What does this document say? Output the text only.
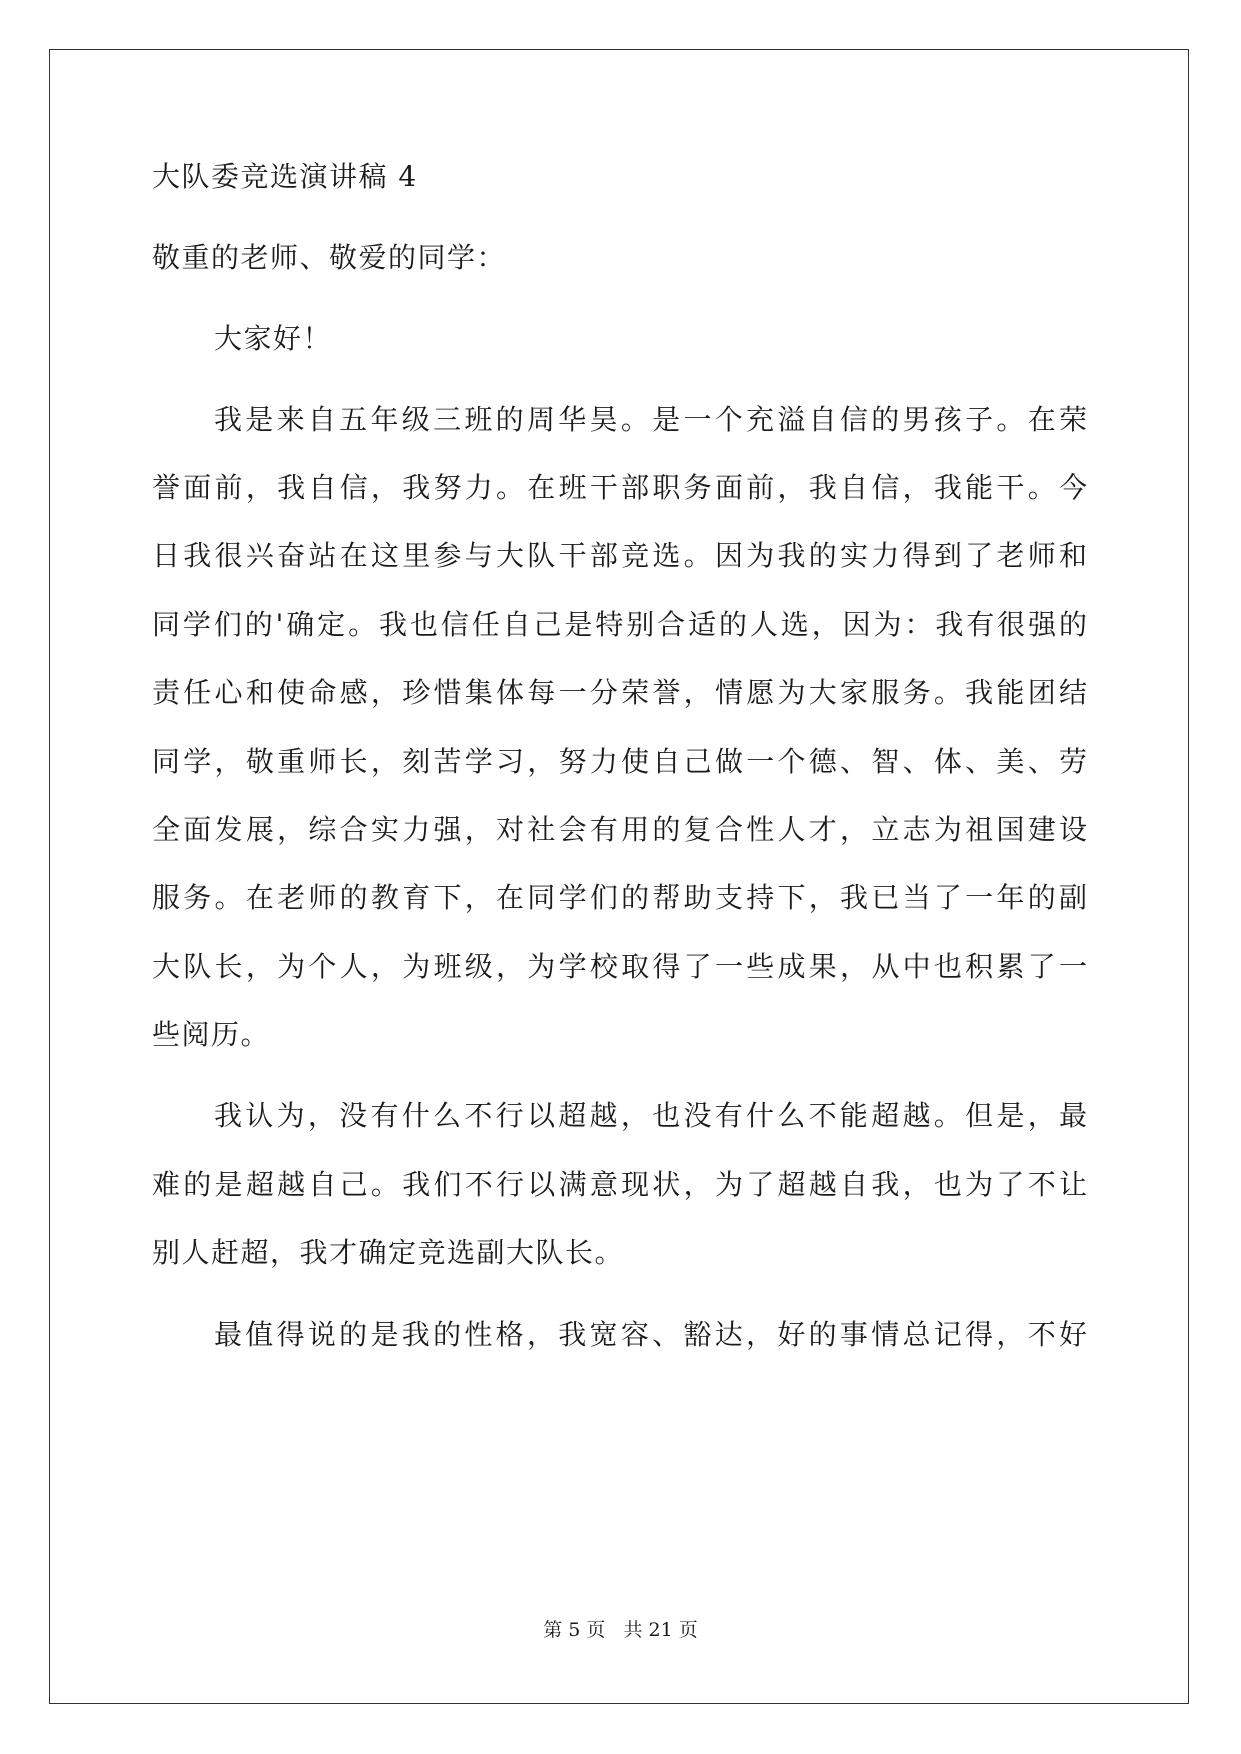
大队委竞选演讲稿 4
敬重的老师、敬爱的同学：
大家好！
我是来自五年级三班的周华昊。是一个充溢自信的男孩子。在荣
誉面前，我自信，我努力。在班干部职务面前，我自信，我能干。今
日我很兴奋站在这里参与大队干部竞选。因为我的实力得到了老师和
同学们的'确定。我也信任自己是特别合适的人选，因为：我有很强的
责任心和使命感，珍惜集体每一分荣誉，情愿为大家服务。我能团结
同学，敬重师长，刻苦学习，努力使自己做一个德、智、体、美、劳
全面发展，综合实力强，对社会有用的复合性人才，立志为祖国建设
服务。在老师的教育下，在同学们的帮助支持下，我已当了一年的副
大队长，为个人，为班级，为学校取得了一些成果，从中也积累了一
些阅历。
我认为，没有什么不行以超越，也没有什么不能超越。但是，最
难的是超越自己。我们不行以满意现状，为了超越自我，也为了不让
别人赶超，我才确定竞选副大队长。
最值得说的是我的性格，我宽容、豁达，好的事情总记得，不好
第 5 页 共 21 页
